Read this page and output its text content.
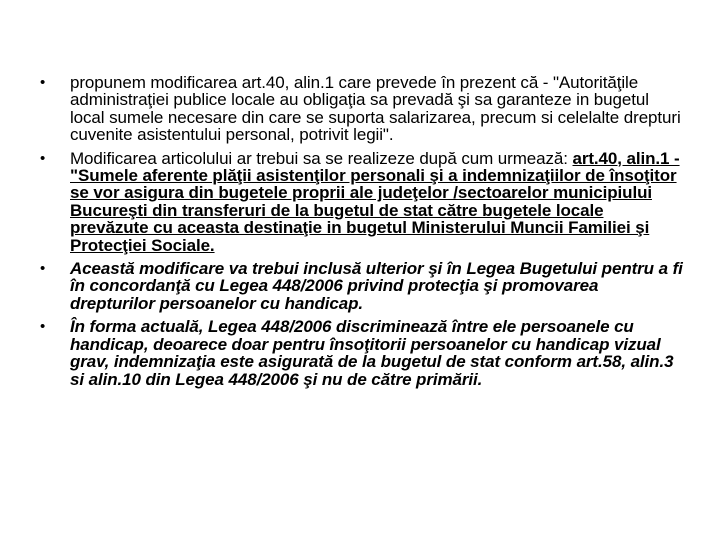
• propunem modificarea art.40, alin.1 care prevede în prezent că - "Autorităţile administraţiei publice locale au obligaţia sa prevadă şi sa garanteze in bugetul local sumele necesare din care se suporta salarizarea, precum si celelalte drepturi cuvenite asistentului personal, potrivit legii".
• Modificarea articolului ar trebui sa se realizeze după cum urmează: art.40, alin.1 - "Sumele aferente plăţii asistenţilor personali şi a indemnizaţiilor de însoţitor se vor asigura din bugetele proprii ale judeţelor /sectoarelor municipiului Bucureşti din transferuri de la bugetul de stat către bugetele locale prevăzute cu aceasta destinaţie in bugetul Ministerului Muncii Familiei şi Protecţiei Sociale.
• Această modificare va trebui inclusă ulterior şi în Legea Bugetului pentru a fi în concordanţă cu Legea 448/2006 privind protecţia şi promovarea drepturilor persoanelor cu handicap.
• În forma actuală, Legea 448/2006 discriminează între ele persoanele cu handicap, deoarece doar pentru însoţitorii persoanelor cu handicap vizual grav, indemnizaţia este asigurată de la bugetul de stat conform art.58, alin.3 si alin.10 din Legea 448/2006 şi nu de către primării.
